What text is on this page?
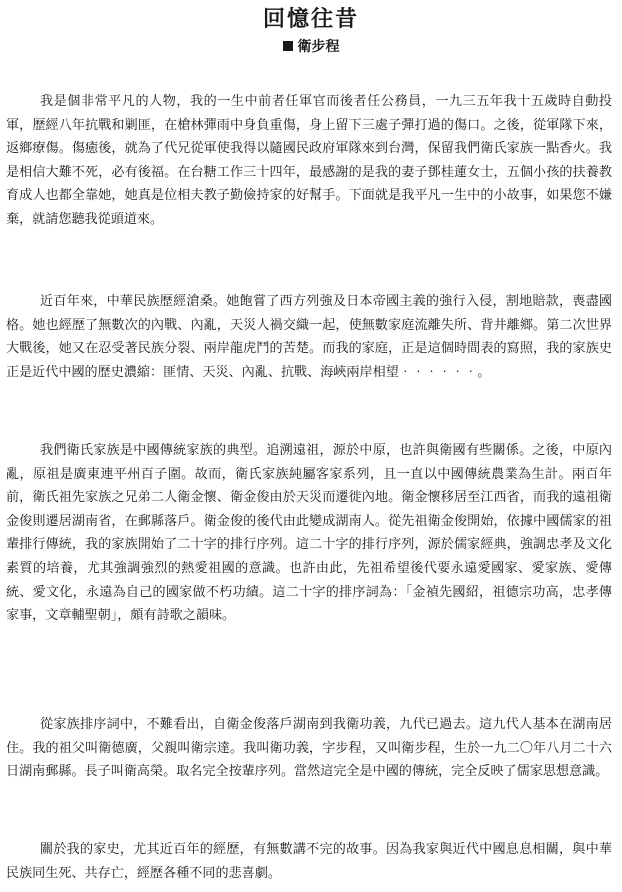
回憶往昔
衛步程

我是個非常平凡的人物，我的一生中前者任軍官而後者任公務員，一九三五年我十五歲時自動投軍，歷經八年抗戰和剿匪，在槍林彈雨中身負重傷，身上留下三處子彈打過的傷口。之後，從軍隊下來，返鄉療傷。傷癒後，就為了代兄從軍使我得以隨國民政府軍隊來到台灣，保留我們衛氏家族一點香火。我是相信大難不死，必有後福。在台糖工作三十四年，最感謝的是我的妻子鄧桂蓮女士，五個小孩的扶養教育成人也都全靠她，她真是位相夫教子勤儉持家的好幫手。下面就是我平凡一生中的小故事，如果您不嫌棄，就請您聽我從頭道來。

近百年來，中華民族歷經滄桑。她飽嘗了西方列強及日本帝國主義的強行入侵，割地賠款，喪盡國格。她也經歷了無數次的內戰、內亂，天災人禍交織一起，使無數家庭流離失所、背井離鄉。第二次世界大戰後，她又在忍受著民族分裂、兩岸龍虎鬥的苦楚。而我的家庭，正是這個時間表的寫照，我的家族史正是近代中國的歷史濃縮：匪情、天災、內亂、抗戰、海峽兩岸相望‧‧‧‧‧‧。

我們衛氏家族是中國傳統家族的典型。追溯遠祖，源於中原，也許與衛國有些關係。之後，中原內亂，原祖是廣東連平州百子圍。故而，衛氏家族純屬客家系列，且一直以中國傳統農業為生計。兩百年前，衛氏祖先家族之兄弟二人衛金懷、衛金俊由於天災而遷徙內地。衛金懷移居至江西省，而我的遠祖衛金俊則遷居湖南省，在郵縣落戶。衛金俊的後代由此變成湖南人。從先祖衛金俊開始，依據中國儒家的祖輩排行傳統，我的家族開始了二十字的排行序列。這二十字的排行序列，源於儒家經典，強調忠孝及文化素質的培養，尤其強調強烈的熱愛祖國的意識。也許由此，先祖希望後代要永遠愛國家、愛家族、愛傳統、愛文化，永遠為自己的國家做不朽功績。這二十字的排序詞為：「金禎先國紹，祖德宗功高，忠孝傳家事，文章輔聖朝」，頗有詩歌之韻味。

從家族排序詞中，不難看出，自衛金俊落戶湖南到我衛功義，九代已過去。這九代人基本在湖南居住。我的祖父叫衛德廣，父親叫衛宗達。我叫衛功義，字步程，又叫衛步程，生於一九二〇年八月二十六日湖南郵縣。長子叫衛高榮。取名完全按輩序列。當然這完全是中國的傳統，完全反映了儒家思想意識。

關於我的家史，尤其近百年的經歷，有無數講不完的故事。因為我家與近代中國息息相關，與中華民族同生死、共存亡，經歷各種不同的悲喜劇。
